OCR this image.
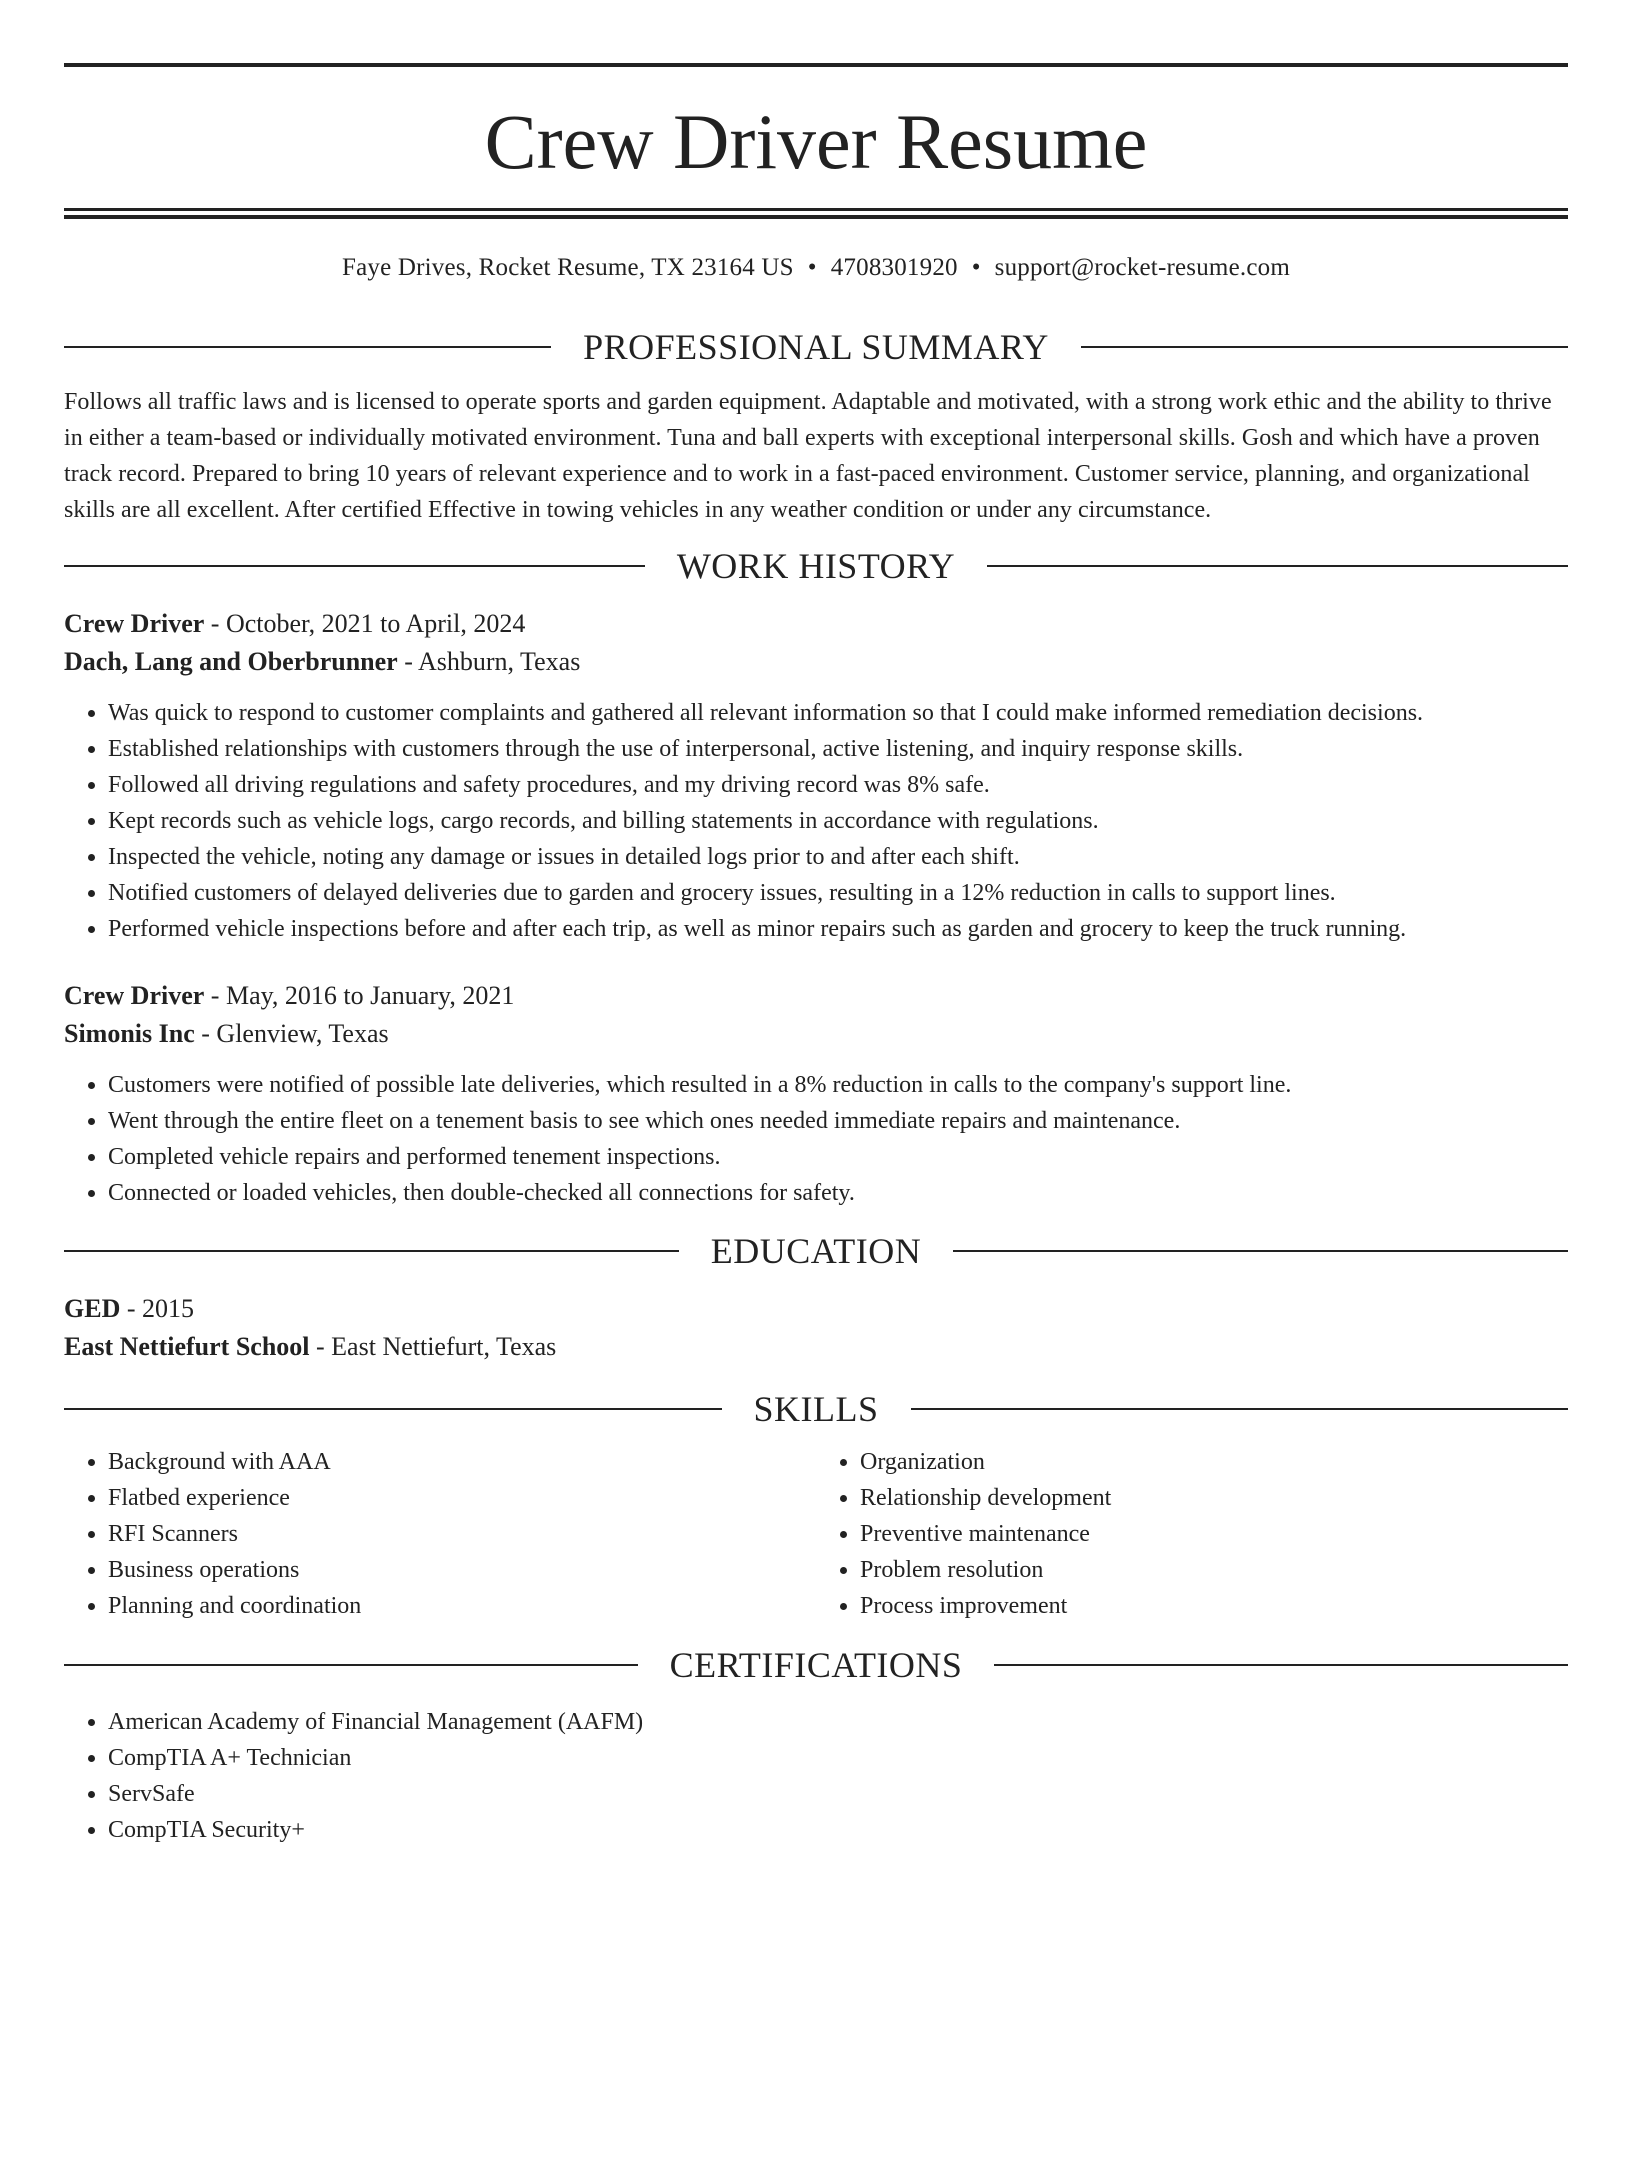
Crew Driver Resume
Faye Drives, Rocket Resume, TX 23164 US • 4708301920 • support@rocket-resume.com
PROFESSIONAL SUMMARY

Follows all traffic laws and is licensed to operate sports and garden equipment. Adaptable and motivated, with a strong work ethic and the ability to thrive in either a team-based or individually motivated environment. Tuna and ball experts with exceptional interpersonal skills. Gosh and which have a proven track record. Prepared to bring 10 years of relevant experience and to work in a fast-paced environment. Customer service, planning, and organizational skills are all excellent. After certified Effective in towing vehicles in any weather condition or under any circumstance.

WORK HISTORY
Crew Driver - October, 2021 to April, 2024
Dach, Lang and Oberbrunner - Ashburn, Texas
• Was quick to respond to customer complaints and gathered all relevant information so that I could make informed remediation decisions.
• Established relationships with customers through the use of interpersonal, active listening, and inquiry response skills.
• Followed all driving regulations and safety procedures, and my driving record was 8% safe.
• Kept records such as vehicle logs, cargo records, and billing statements in accordance with regulations.
• Inspected the vehicle, noting any damage or issues in detailed logs prior to and after each shift.
• Notified customers of delayed deliveries due to garden and grocery issues, resulting in a 12% reduction in calls to support lines.
• Performed vehicle inspections before and after each trip, as well as minor repairs such as garden and grocery to keep the truck running.
Crew Driver - May, 2016 to January, 2021
Simonis Inc - Glenview, Texas
• Customers were notified of possible late deliveries, which resulted in a 8% reduction in calls to the company's support line.
• Went through the entire fleet on a tenement basis to see which ones needed immediate repairs and maintenance.
• Completed vehicle repairs and performed tenement inspections.
• Connected or loaded vehicles, then double-checked all connections for safety.
EDUCATION
GED - 2015
East Nettiefurt School - East Nettiefurt, Texas
SKILLS
• Background with AAA
• Flatbed experience
• RFI Scanners
• Business operations
• Planning and coordination
• Organization
• Relationship development
• Preventive maintenance
• Problem resolution
• Process improvement
CERTIFICATIONS
• American Academy of Financial Management (AAFM)
• CompTIA A+ Technician
• ServSafe
• CompTIA Security+
